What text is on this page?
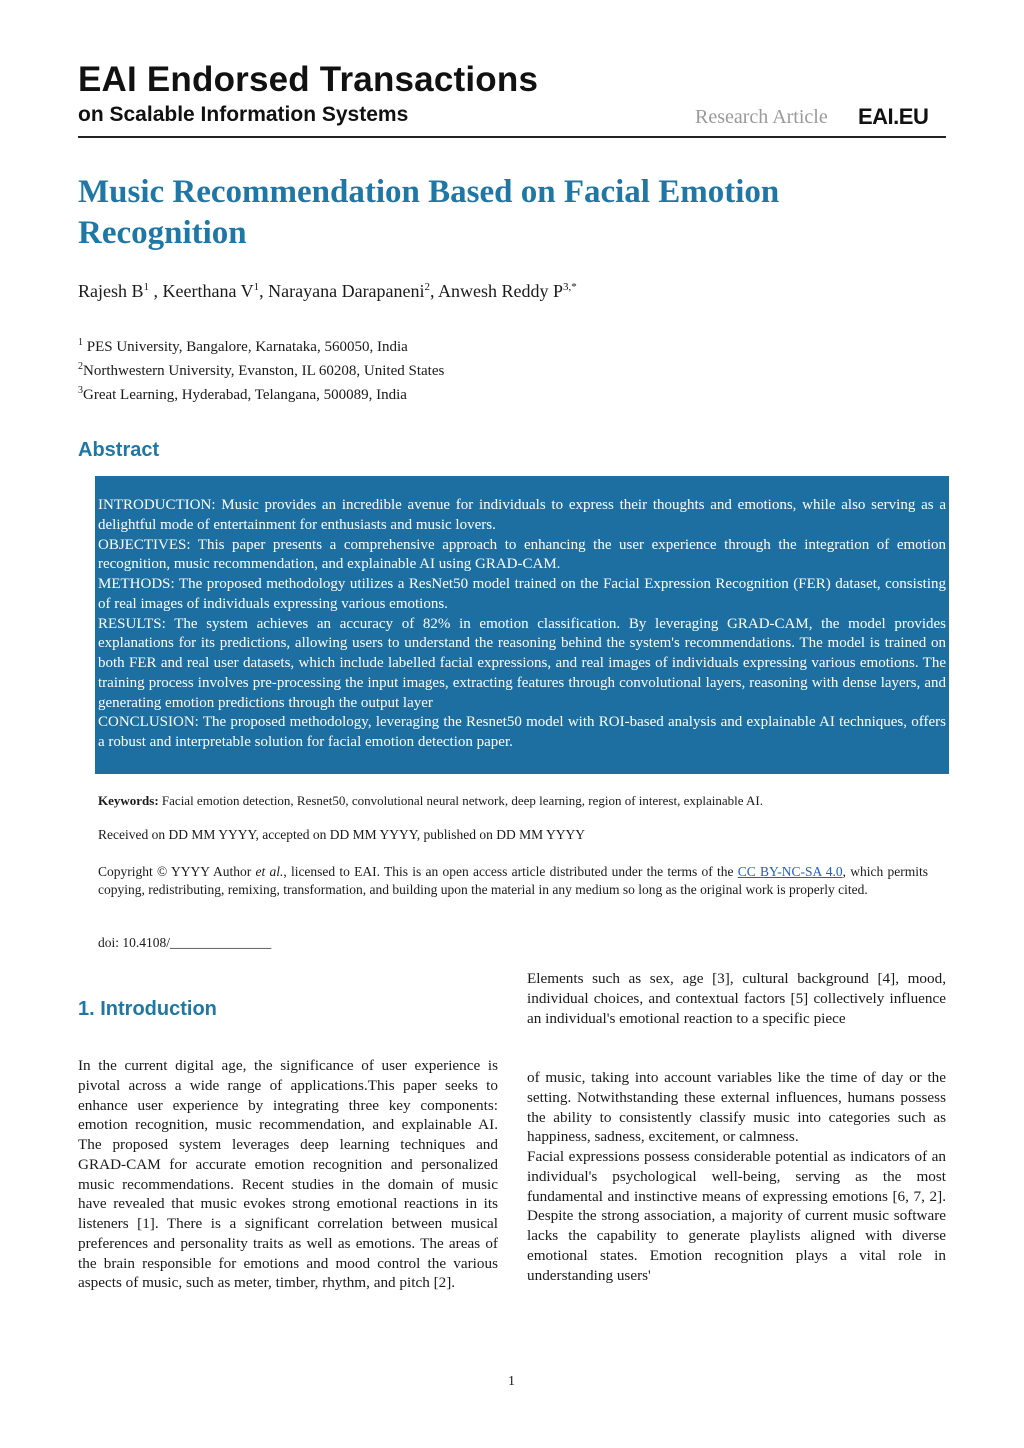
EAI Endorsed Transactions
on Scalable Information Systems	Research Article EAI.EU
Music Recommendation Based on Facial Emotion Recognition
Rajesh $B^1$ , Keerthana $V^1$, Narayana Darapaneni$^2$, Anwesh Reddy $P^{3,*}$
$^1$ PES University, Bangalore, Karnataka, 560050, India
$^2$Northwestern University, Evanston, IL 60208, United States
$^3$Great Learning, Hyderabad, Telangana, 500089, India
Abstract

INTRODUCTION: Music provides an incredible avenue for individuals to express their thoughts and emotions, while also serving as a delightful mode of entertainment for enthusiasts and music lovers.

OBJECTIVES: This paper presents a comprehensive approach to enhancing the user experience through the integration of emotion recognition, music recommendation, and explainable AI using GRAD-CAM.

METHODS: The proposed methodology utilizes a ResNet50 model trained on the Facial Expression Recognition (FER) dataset, consisting of real images of individuals expressing various emotions.

RESULTS: The system achieves an accuracy of 82% in emotion classification. By leveraging GRAD-CAM, the model provides explanations for its predictions, allowing users to understand the reasoning behind the system's recommendations. The model is trained on both FER and real user datasets, which include labelled facial expressions, and real images of individuals expressing various emotions. The training process involves pre-processing the input images, extracting features through convolutional layers, reasoning with dense layers, and generating emotion predictions through the output layer

CONCLUSION: The proposed methodology, leveraging the Resnet50 model with ROI-based analysis and explainable AI techniques, offers a robust and interpretable solution for facial emotion detection paper.

Keywords: Facial emotion detection, Resnet50, convolutional neural network, deep learning, region of interest, explainable AI.
Received on DD MM YYYY, accepted on DD MM YYYY, published on DD MM YYYY
Copyright © YYYY Author et al., licensed to EAI. This is an open access article distributed under the terms of the CC BY-NC-SA 4.0, which permits copying, redistributing, remixing, transformation, and building upon the material in any medium so long as the original work is properly cited.
doi: 10.4108/_______________
1. Introduction

In the current digital age, the significance of user experience is pivotal across a wide range of applications.This paper seeks to enhance user experience by integrating three key components: emotion recognition, music recommendation, and explainable AI. The proposed system leverages deep learning techniques and GRAD-CAM for accurate emotion recognition and personalized music recommendations. Recent studies in the domain of music have revealed that music evokes strong emotional reactions in its listeners [1]. There is a significant correlation between musical preferences and personality traits as well as emotions. The areas of the brain responsible for emotions and mood control the various aspects of music, such as meter, timber, rhythm, and pitch [2].

Elements such as sex, age [3], cultural background [4], mood, individual choices, and contextual factors [5] collectively influence an individual's emotional reaction to a specific piece

of music, taking into account variables like the time of day or the setting. Notwithstanding these external influences, humans possess the ability to consistently classify music into categories such as happiness, sadness, excitement, or calmness.

Facial expressions possess considerable potential as indicators of an individual's psychological well-being, serving as the most fundamental and instinctive means of expressing emotions [6, 7, 2]. Despite the strong association, a majority of current music software lacks the capability to generate playlists aligned with diverse emotional states. Emotion recognition plays a vital role in understanding users'

1
